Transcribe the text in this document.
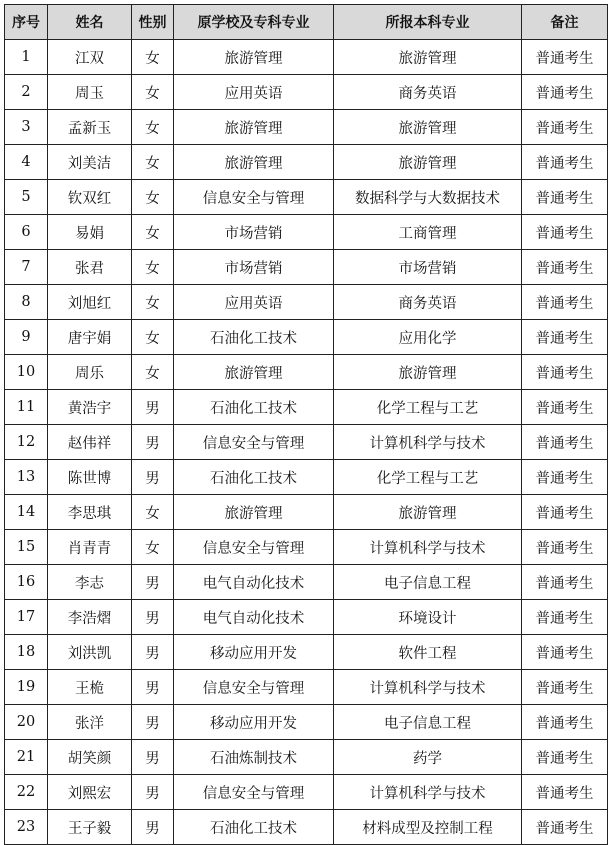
序号	姓名	性别	原学校及专科专业	所报本科专业	备注
1	江双	女	旅游管理	旅游管理	普通考生
2	周玉	女	应用英语	商务英语	普通考生
3	孟新玉	女	旅游管理	旅游管理	普通考生
4	刘美洁	女	旅游管理	旅游管理	普通考生
5	钦双红	女	信息安全与管理	数据科学与大数据技术	普通考生
6	易娟	女	市场营销	工商管理	普通考生
7	张君	女	市场营销	市场营销	普通考生
8	刘旭红	女	应用英语	商务英语	普通考生
9	唐宇娟	女	石油化工技术	应用化学	普通考生
10	周乐	女	旅游管理	旅游管理	普通考生
11	黄浩宇	男	石油化工技术	化学工程与工艺	普通考生
12	赵伟祥	男	信息安全与管理	计算机科学与技术	普通考生
13	陈世博	男	石油化工技术	化学工程与工艺	普通考生
14	李思琪	女	旅游管理	旅游管理	普通考生
15	肖青青	女	信息安全与管理	计算机科学与技术	普通考生
16	李志	男	电气自动化技术	电子信息工程	普通考生
17	李浩熠	男	电气自动化技术	环境设计	普通考生
18	刘洪凯	男	移动应用开发	软件工程	普通考生
19	王桅	男	信息安全与管理	计算机科学与技术	普通考生
20	张洋	男	移动应用开发	电子信息工程	普通考生
21	胡笑颜	男	石油炼制技术	药学	普通考生
22	刘熙宏	男	信息安全与管理	计算机科学与技术	普通考生
23	王子毅	男	石油化工技术	材料成型及控制工程	普通考生
